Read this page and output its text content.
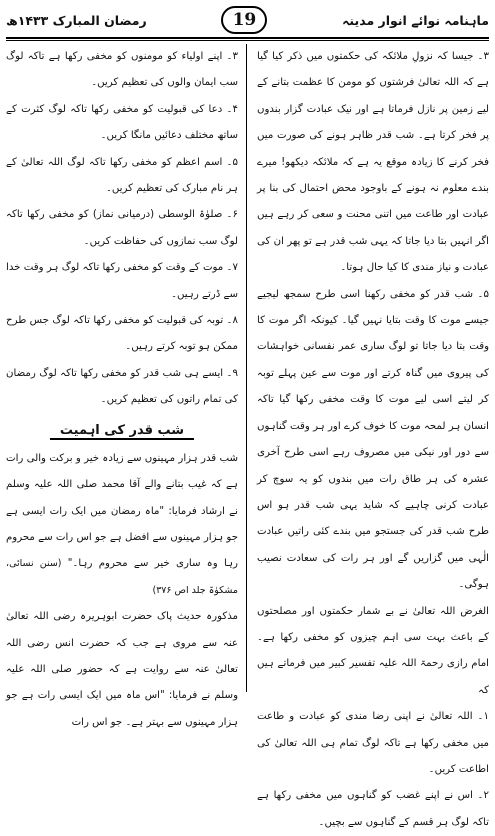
ماہنامہ نوائے انوار مدینہ
19
رمضان المبارک ۱۴۳۳ھ

۳۔ جیسا کہ نزولِ ملائکہ کی حکمتوں میں ذکر کیا گیا ہے کہ اللہ تعالیٰ فرشتوں کو مومن کا عظمت بتانے کے لیے زمین پر نازل فرماتا ہے اور نیک عبادت گزار بندوں پر فخر کرتا ہے۔ شب قدر ظاہر ہونے کی صورت میں فخر کرنے کا زیادہ موقع یہ ہے کہ ملائکہ دیکھو! میرے بندے معلوم نہ ہونے کے باوجود محض احتمال کی بنا پر عبادت اور طاعت میں اتنی محنت و سعی کر رہے ہیں اگر انہیں بتا دیا جاتا کہ یہی شب قدر ہے تو پھر ان کی عبادت و نیاز مندی کا کیا حال ہوتا۔

۵۔ شب قدر کو مخفی رکھنا اسی طرح سمجھ لیجیے جیسے موت کا وقت بتایا نہیں گیا۔ کیونکہ اگر موت کا وقت بتا دیا جاتا تو لوگ ساری عمر نفسانی خواہشات کی پیروی میں گناہ کرتے اور موت سے عین پہلے توبہ کر لیتے اسی لیے موت کا وقت مخفی رکھا گیا تاکہ انسان ہر لمحہ موت کا خوف کرے اور ہر وقت گناہوں سے دور اور نیکی میں مصروف رہے اسی طرح آخری عشرہ کی ہر طاق رات میں بندوں کو یہ سوچ کر عبادت کرنی چاہیے کہ شاید یہی شب قدر ہو اس طرح شب قدر کی جستجو میں بندے کئی راتیں عبادت الٰہی میں گزاریں گے اور ہر رات کی سعادت نصیب ہوگی۔

الغرض اللہ تعالیٰ نے بے شمار حکمتوں اور مصلحتوں کے باعث بہت سی اہم چیزوں کو مخفی رکھا ہے۔ امام رازی رحمۃ اللہ علیہ تفسیر کبیر میں فرماتے ہیں کہ

۱۔ اللہ تعالیٰ نے اپنی رضا مندی کو عبادت و طاعت میں مخفی رکھا ہے تاکہ لوگ تمام ہی اللہ تعالیٰ کی اطاعت کریں۔

۲۔ اس نے اپنے غضب کو گناہوں میں مخفی رکھا ہے تاکہ لوگ ہر قسم کے گناہوں سے بچیں۔

۳۔ اپنے اولیاء کو مومنوں کو مخفی رکھا ہے تاکہ لوگ سب ایمان والوں کی تعظیم کریں۔

۴۔ دعا کی قبولیت کو مخفی رکھا تاکہ لوگ کثرت کے ساتھ مختلف دعائیں مانگا کریں۔

۵۔ اسم اعظم کو مخفی رکھا تاکہ لوگ اللہ تعالیٰ کے ہر نام مبارک کی تعظیم کریں۔

۶۔ صلوٰۃ الوسطی (درمیانی نماز) کو مخفی رکھا تاکہ لوگ سب نمازوں کی حفاظت کریں۔

۷۔ موت کے وقت کو مخفی رکھا تاکہ لوگ ہر وقت خدا سے ڈرتے رہیں۔

۸۔ توبہ کی قبولیت کو مخفی رکھا تاکہ لوگ جس طرح ممکن ہو توبہ کرتے رہیں۔

۹۔ ایسے ہی شب قدر کو مخفی رکھا تاکہ لوگ رمضان کی تمام راتوں کی تعظیم کریں۔

شب قدر کی اہمیت

شب قدر ہزار مہینوں سے زیادہ خیر و برکت والی رات ہے کہ غیب بتانے والے آقا محمد صلی اللہ علیہ وسلم نے ارشاد فرمایا: "ماہ رمضان میں ایک رات ایسی ہے جو ہزار مہینوں سے افضل ہے جو اس رات سے محروم رہا وہ ساری خیر سے محروم رہا۔" (سنن نسائی، مشکوٰۃ جلد اص ۳۷۶)

مذکورہ حدیث پاک حضرت ابوہریرہ رضی اللہ تعالیٰ عنہ سے مروی ہے جب کہ حضرت انس رضی اللہ تعالیٰ عنہ سے روایت ہے کہ حضور صلی اللہ علیہ وسلم نے فرمایا: "اس ماہ میں ایک ایسی رات ہے جو ہزار مہینوں سے بہتر ہے۔ جو اس رات
